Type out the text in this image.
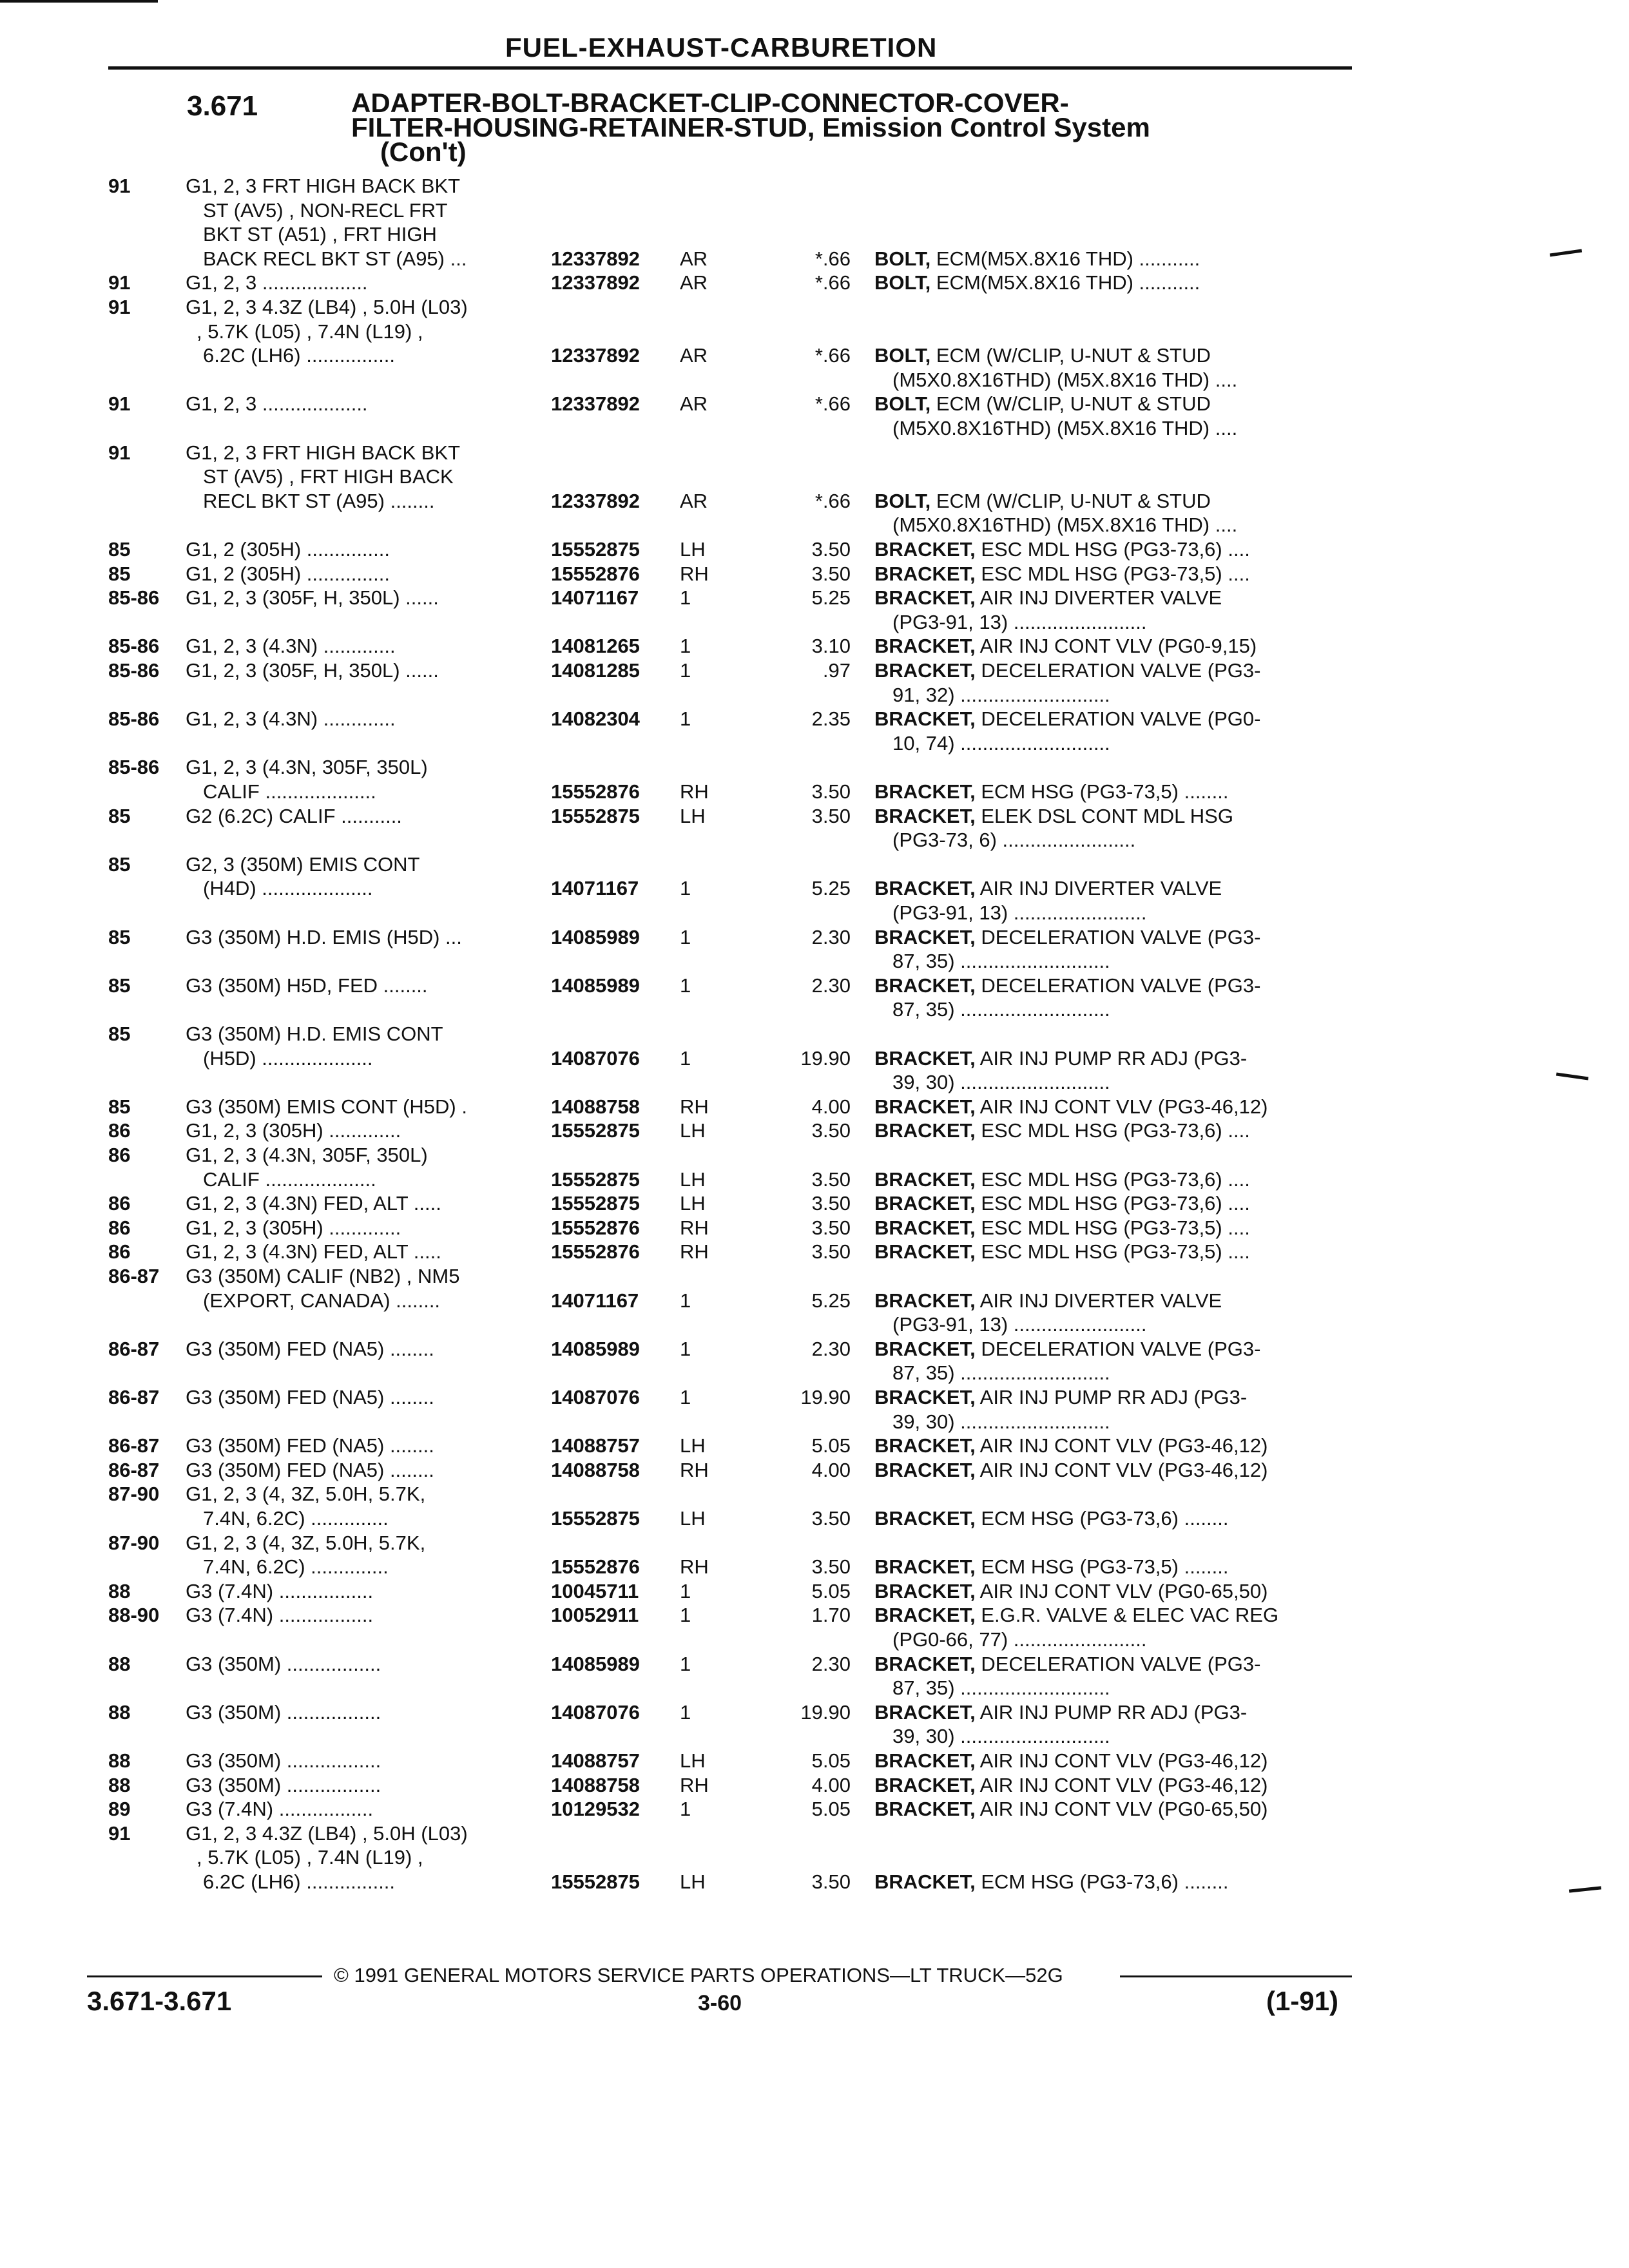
FUEL-EXHAUST-CARBURETION
3.671	ADAPTER-BOLT-BRACKET-CLIP-CONNECTOR-COVER-
FILTER-HOUSING-RETAINER-STUD, Emission Control System
(Con't)
91	G1, 2, 3 FRT HIGH BACK BKT
ST (AV5) , NON-RECL FRT
BKT ST (A51) , FRT HIGH
BACK RECL BKT ST (A95) ...	12337892	AR	*.66 BOLT, ECM(M5X.8X16 THD) ...........
91	G1, 2, 3 ...................	12337892	AR	*.66 BOLT, ECM(M5X.8X16 THD) ...........
91	G1, 2, 3 4.3Z (LB4) , 5.0H (L03)
, 5.7K (L05) , 7.4N (L19) ,
6.2C (LH6) ................	12337892	AR	*.66 BOLT, ECM (W/CLIP, U-NUT & STUD
(M5X0.8X16THD) (M5X.8X16 THD) ....
91	G1, 2, 3 ...................	12337892	AR	*.66 BOLT, ECM (W/CLIP, U-NUT & STUD
(M5X0.8X16THD) (M5X.8X16 THD) ....
91	G1, 2, 3 FRT HIGH BACK BKT
ST (AV5) , FRT HIGH BACK
RECL BKT ST (A95) ........	12337892	AR	*.66 BOLT, ECM (W/CLIP, U-NUT & STUD
(M5X0.8X16THD) (M5X.8X16 THD) ....
85	G1, 2 (305H) ...............	15552875	LH	3.50 BRACKET, ESC MDL HSG (PG3-73,6) ....
85	G1, 2 (305H) ...............	15552876	RH	3.50 BRACKET, ESC MDL HSG (PG3-73,5) ....
85-86	G1, 2, 3 (305F, H, 350L) ......	14071167	1	5.25 BRACKET, AIR INJ DIVERTER VALVE
(PG3-91, 13) ........................
85-86	G1, 2, 3 (4.3N) .............	14081265	1	3.10 BRACKET, AIR INJ CONT VLV (PG0-9,15)
85-86	G1, 2, 3 (305F, H, 350L) ......	14081285	1	.97 BRACKET, DECELERATION VALVE (PG3-
91, 32) ...........................
85-86	G1, 2, 3 (4.3N) .............	14082304	1	2.35 BRACKET, DECELERATION VALVE (PG0-
10, 74) ...........................
85-86	G1, 2, 3 (4.3N, 305F, 350L)
CALIF ....................	15552876	RH	3.50 BRACKET, ECM HSG (PG3-73,5) ........
85	G2 (6.2C) CALIF ...........	15552875	LH	3.50 BRACKET, ELEK DSL CONT MDL HSG
(PG3-73, 6) ........................
85	G2, 3 (350M) EMIS CONT
(H4D) ....................	14071167	1	5.25 BRACKET, AIR INJ DIVERTER VALVE
(PG3-91, 13) ........................
85	G3 (350M) H.D. EMIS (H5D) ...	14085989	1	2.30 BRACKET, DECELERATION VALVE (PG3-
87, 35) ...........................
85	G3 (350M) H5D, FED ........	14085989	1	2.30 BRACKET, DECELERATION VALVE (PG3-
87, 35) ...........................
85	G3 (350M) H.D. EMIS CONT
(H5D) ....................	14087076	1	19.90 BRACKET, AIR INJ PUMP RR ADJ (PG3-
39, 30) ...........................
85	G3 (350M) EMIS CONT (H5D) .	14088758	RH	4.00 BRACKET, AIR INJ CONT VLV (PG3-46,12)
86	G1, 2, 3 (305H) .............	15552875	LH	3.50 BRACKET, ESC MDL HSG (PG3-73,6) ....
86	G1, 2, 3 (4.3N, 305F, 350L)
CALIF ....................	15552875	LH	3.50 BRACKET, ESC MDL HSG (PG3-73,6) ....
86	G1, 2, 3 (4.3N) FED, ALT .....	15552875	LH	3.50 BRACKET, ESC MDL HSG (PG3-73,6) ....
86	G1, 2, 3 (305H) .............	15552876	RH	3.50 BRACKET, ESC MDL HSG (PG3-73,5) ....
86	G1, 2, 3 (4.3N) FED, ALT .....	15552876	RH	3.50 BRACKET, ESC MDL HSG (PG3-73,5) ....
86-87	G3 (350M) CALIF (NB2) , NM5
(EXPORT, CANADA) ........	14071167	1	5.25 BRACKET, AIR INJ DIVERTER VALVE
(PG3-91, 13) ........................
86-87	G3 (350M) FED (NA5) ........	14085989	1	2.30 BRACKET, DECELERATION VALVE (PG3-
87, 35) ...........................
86-87	G3 (350M) FED (NA5) ........	14087076	1	19.90 BRACKET, AIR INJ PUMP RR ADJ (PG3-
39, 30) ...........................
86-87	G3 (350M) FED (NA5) ........	14088757	LH	5.05 BRACKET, AIR INJ CONT VLV (PG3-46,12)
86-87	G3 (350M) FED (NA5) ........	14088758	RH	4.00 BRACKET, AIR INJ CONT VLV (PG3-46,12)
87-90	G1, 2, 3 (4, 3Z, 5.0H, 5.7K,
7.4N, 6.2C) ..............	15552875	LH	3.50 BRACKET, ECM HSG (PG3-73,6) ........
87-90	G1, 2, 3 (4, 3Z, 5.0H, 5.7K,
7.4N, 6.2C) ..............	15552876	RH	3.50 BRACKET, ECM HSG (PG3-73,5) ........
88	G3 (7.4N) .................	10045711	1	5.05 BRACKET, AIR INJ CONT VLV (PG0-65,50)
88-90	G3 (7.4N) .................	10052911	1	1.70 BRACKET, E.G.R. VALVE & ELEC VAC REG
(PG0-66, 77) ........................
88	G3 (350M) .................	14085989	1	2.30 BRACKET, DECELERATION VALVE (PG3-
87, 35) ...........................
88	G3 (350M) .................	14087076	1	19.90 BRACKET, AIR INJ PUMP RR ADJ (PG3-
39, 30) ...........................
88	G3 (350M) .................	14088757	LH	5.05 BRACKET, AIR INJ CONT VLV (PG3-46,12)
88	G3 (350M) .................	14088758	RH	4.00 BRACKET, AIR INJ CONT VLV (PG3-46,12)
89	G3 (7.4N) .................	10129532	1	5.05 BRACKET, AIR INJ CONT VLV (PG0-65,50)
91	G1, 2, 3 4.3Z (LB4) , 5.0H (L03)
, 5.7K (L05) , 7.4N (L19) ,
6.2C (LH6) ................	15552875	LH	3.50 BRACKET, ECM HSG (PG3-73,6) ........
© 1991 GENERAL MOTORS SERVICE PARTS OPERATIONS—LT TRUCK—52G
3.671-3.671	3-60	(1-91)
